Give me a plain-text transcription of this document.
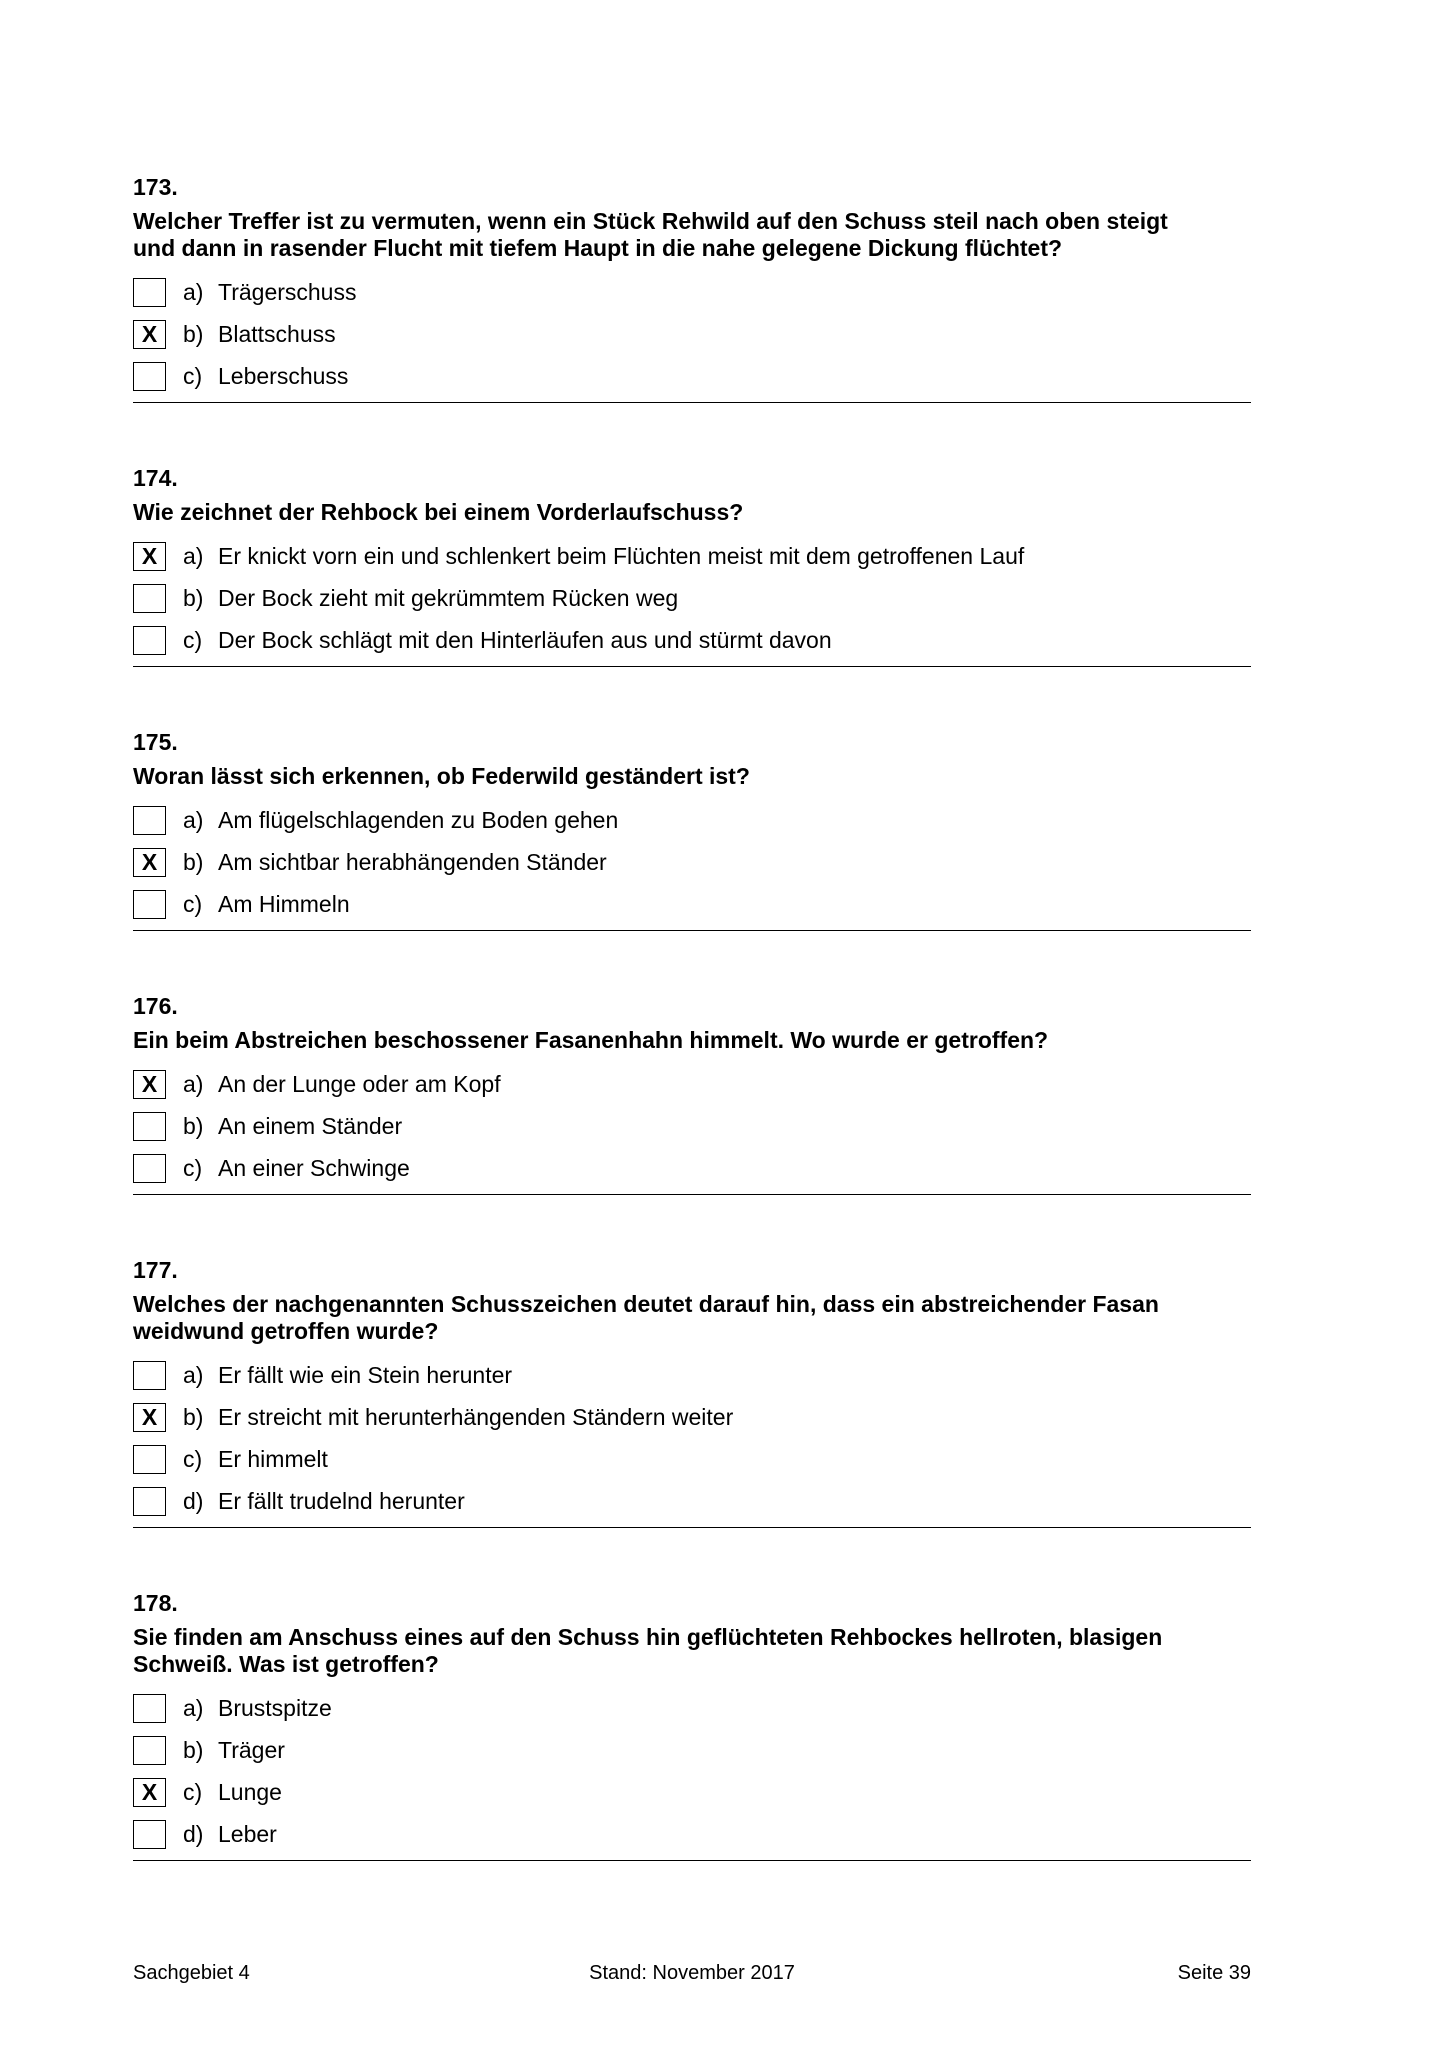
173.
Welcher Treffer ist zu vermuten, wenn ein Stück Rehwild auf den Schuss steil nach oben steigt
und dann in rasender Flucht mit tiefem Haupt in die nahe gelegene Dickung flüchtet?
a) Trägerschuss
X	b) Blattschuss
c) Leberschuss
174.
Wie zeichnet der Rehbock bei einem Vorderlaufschuss?
X	a) Er knickt vorn ein und schlenkert beim Flüchten meist mit dem getroffenen Lauf
b) Der Bock zieht mit gekrümmtem Rücken weg
c) Der Bock schlägt mit den Hinterläufen aus und stürmt davon
175.
Woran lässt sich erkennen, ob Federwild geständert ist?
a) Am flügelschlagenden zu Boden gehen
X	b) Am sichtbar herabhängenden Ständer
c) Am Himmeln
176.
Ein beim Abstreichen beschossener Fasanenhahn himmelt. Wo wurde er getroffen?
X	a) An der Lunge oder am Kopf
b) An einem Ständer
c) An einer Schwinge
177.
Welches der nachgenannten Schusszeichen deutet darauf hin, dass ein abstreichender Fasan
weidwund getroffen wurde?
a) Er fällt wie ein Stein herunter
X	b) Er streicht mit herunterhängenden Ständern weiter
c) Er himmelt
d) Er fällt trudelnd herunter
178.
Sie finden am Anschuss eines auf den Schuss hin geflüchteten Rehbockes hellroten, blasigen
Schweiß. Was ist getroffen?
a) Brustspitze
b) Träger
X	c) Lunge
d) Leber
Sachgebiet 4	Stand: November 2017	Seite 39
